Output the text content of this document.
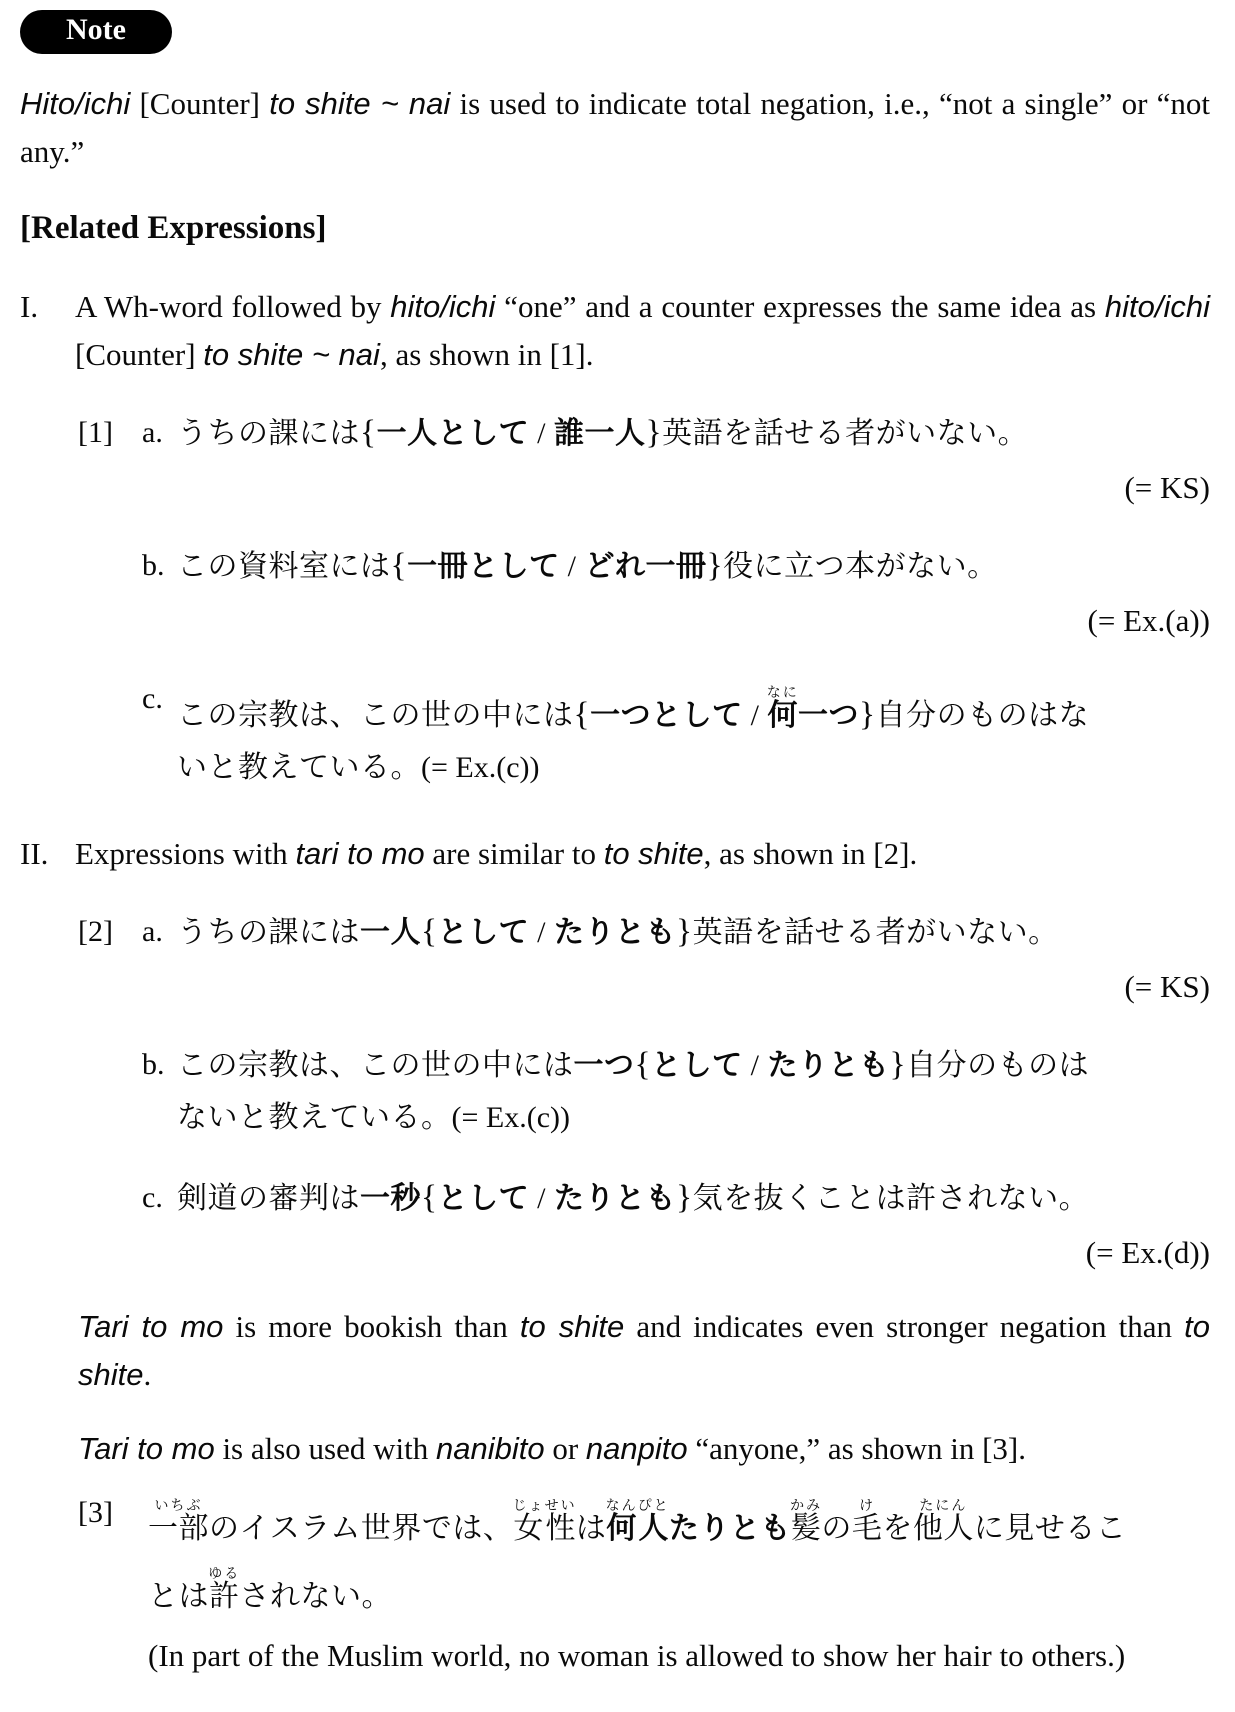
Note

Hito/ichi [Counter] to shite ~ nai is used to indicate total negation, i.e., “not a single” or “not any.”

[Related Expressions]
I.	A Wh-word followed by hito/ichi “one” and a counter expresses the same idea as hito/ichi [Counter] to shite ~ nai, as shown in [1].

[1] a. うちの課には{一人として / 誰一人}英語を話せる者がいない。
(= KS)
b. この資料室には{一冊として / どれ一冊}役に立つ本がない。
(= Ex.(a))
c.
この宗教は、この世の中には{一つとして / 何なに一つ}自分のものはな
いと教えている。(= Ex.(c))
II. Expressions with tari to mo are similar to to shite, as shown in [2].

[2] a. うちの課には一人{として / たりとも}英語を話せる者がいない。
(= KS)
b. この宗教は、この世の中には一つ{として / たりとも}自分のものは
ないと教えている。(= Ex.(c))
c. 剣道の審判は一秒{として / たりとも}気を抜くことは許されない。
(= Ex.(d))

Tari to mo is more bookish than to shite and indicates even stronger negation than to shite.

Tari to mo is also used with nanibito or nanpito “anyone,” as shown in [3].

[3]	一部いちぶのイスラム世界では、女性じょせいは何人なんぴとたりとも髪かみの毛けを他人たにんに見せるこ
とは許ゆるされない。

(In part of the Muslim world, no woman is allowed to show her hair to others.)
